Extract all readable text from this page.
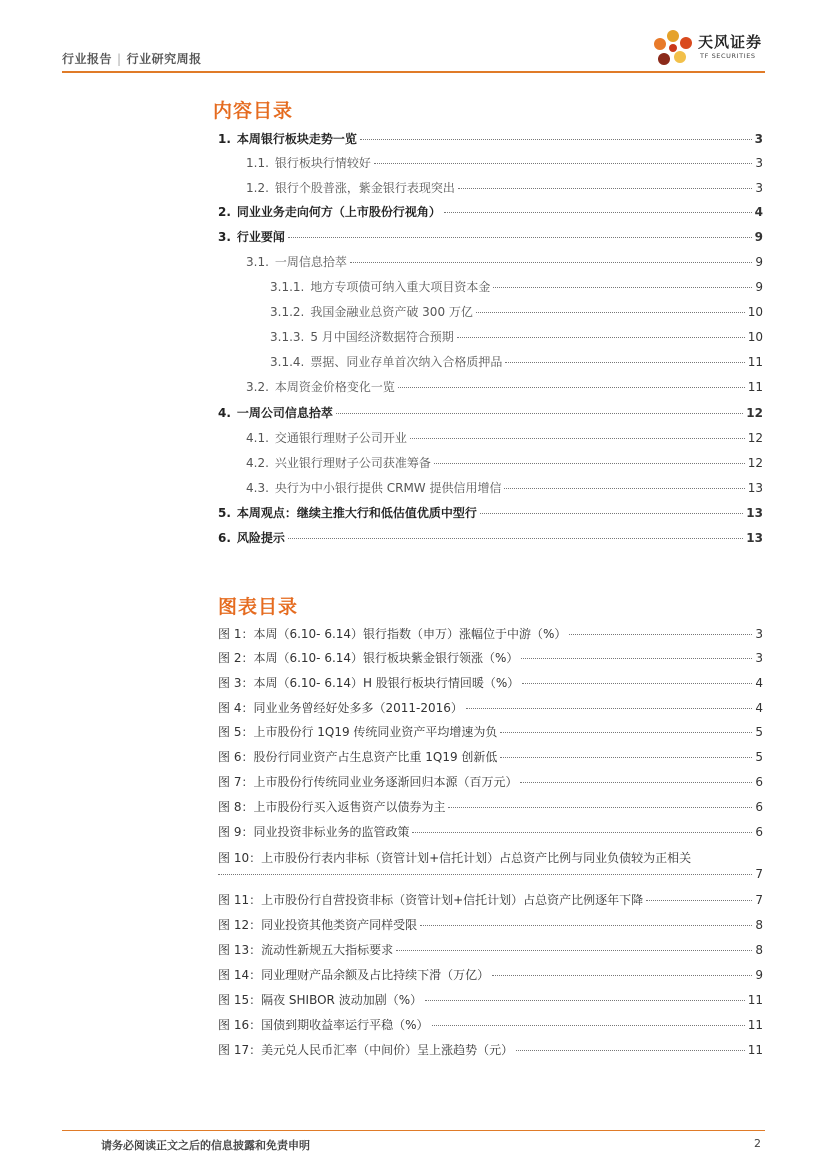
行业报告 | 行业研究周报
天风证券
TF SECURITIES
内容目录
1. 本周银行板块走势一览	3
1.1. 银行板块行情较好	3
1.2. 银行个股普涨，紫金银行表现突出	3
2. 同业业务走向何方（上市股份行视角）	4
3. 行业要闻	9
3.1. 一周信息拾萃	9
3.1.1. 地方专项债可纳入重大项目资本金	9
3.1.2. 我国金融业总资产破 300 万亿	10
3.1.3. 5 月中国经济数据符合预期	10
3.1.4. 票据、同业存单首次纳入合格质押品	11
3.2. 本周资金价格变化一览	11
4. 一周公司信息拾萃	12
4.1. 交通银行理财子公司开业	12
4.2. 兴业银行理财子公司获准筹备	12
4.3. 央行为中小银行提供 CRMW 提供信用增信	13
5. 本周观点：继续主推大行和低估值优质中型行	13
6. 风险提示	13
图表目录
图 1：本周（6.10- 6.14）银行指数（申万）涨幅位于中游（%）	3
图 2：本周（6.10- 6.14）银行板块紫金银行领涨（%）	3
图 3：本周（6.10- 6.14）H 股银行板块行情回暖（%）	4
图 4：同业业务曾经好处多多（2011-2016）	4
图 5：上市股份行 1Q19 传统同业资产平均增速为负	5
图 6：股份行同业资产占生息资产比重 1Q19 创新低	5
图 7：上市股份行传统同业业务逐渐回归本源（百万元）	6
图 8：上市股份行买入返售资产以债券为主	6
图 9：同业投资非标业务的监管政策	6
图 10：上市股份行表内非标（资管计划+信托计划）占总资产比例与同业负债较为正相关
7
图 11：上市股份行自营投资非标（资管计划+信托计划）占总资产比例逐年下降	7
图 12：同业投资其他类资产同样受限	8
图 13：流动性新规五大指标要求	8
图 14：同业理财产品余额及占比持续下滑（万亿）	9
图 15：隔夜 SHIBOR 波动加剧（%）	11
图 16：国债到期收益率运行平稳（%）	11
图 17：美元兑人民币汇率（中间价）呈上涨趋势（元）	11
请务必阅读正文之后的信息披露和免责申明	2
